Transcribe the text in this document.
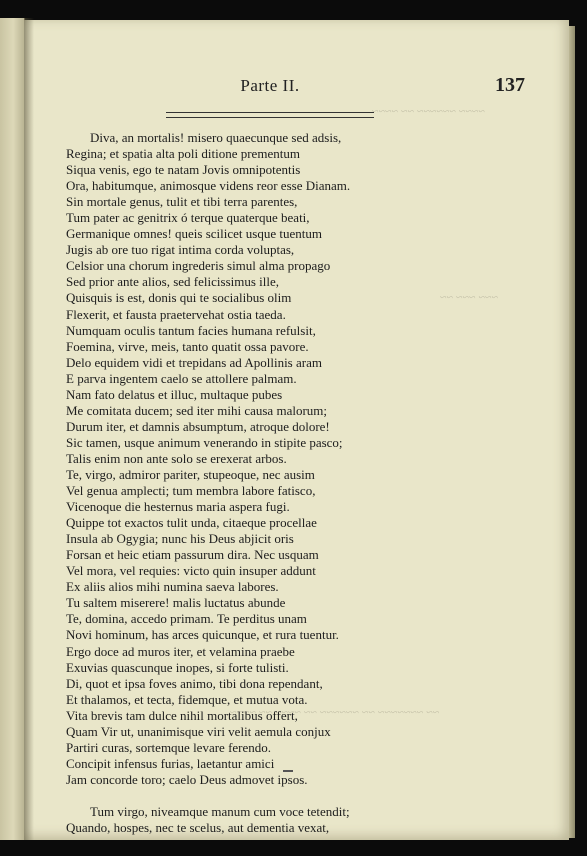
~~~~ ~~~~~~ ~~ ~~~~
~~~ ~~~ ~~
~~ ~~~~~~~ ~~ ~~~~~~ ~~ ~~~~ ~~ ~~~~
Parte II.	137
Diva, an mortalis! misero quaecunque sed adsis,
Regina; et spatia alta poli ditione prementum
Siqua venis, ego te natam Jovis omnipotentis
Ora, habitumque, animosque videns reor esse Dianam.
Sin mortale genus, tulit et tibi terra parentes,
Tum pater ac genitrix ó terque quaterque beati,
Germanique omnes! queis scilicet usque tuentum
Jugis ab ore tuo rigat intima corda voluptas,
Celsior una chorum ingrederis simul alma propago
Sed prior ante alios, sed felicissimus ille,
Quisquis is est, donis qui te socialibus olim
Flexerit, et fausta praetervehat ostia taeda.
Numquam oculis tantum facies humana refulsit,
Foemina, virve, meis, tanto quatit ossa pavore.
Delo equidem vidi et trepidans ad Apollinis aram
E parva ingentem caelo se attollere palmam.
Nam fato delatus et illuc, multaque pubes
Me comitata ducem; sed iter mihi causa malorum;
Durum iter, et damnis absumptum, atroque dolore!
Sic tamen, usque animum venerando in stipite pasco;
Talis enim non ante solo se erexerat arbos.
Te, virgo, admiror pariter, stupeoque, nec ausim
Vel genua amplecti; tum membra labore fatisco,
Vicenoque die hesternus maria aspera fugi.
Quippe tot exactos tulit unda, citaeque procellae
Insula ab Ogygia; nunc his Deus abjicit oris
Forsan et heic etiam passurum dira. Nec usquam
Vel mora, vel requies: victo quin insuper addunt
Ex aliis alios mihi numina saeva labores.
Tu saltem miserere! malis luctatus abunde
Te, domina, accedo primam. Te perditus unam
Novi hominum, has arces quicunque, et rura tuentur.
Ergo doce ad muros iter, et velamina praebe
Exuvias quascunque inopes, si forte tulisti.
Di, quot et ipsa foves animo, tibi dona rependant,
Et thalamos, et tecta, fidemque, et mutua vota.
Vita brevis tam dulce nihil mortalibus offert,
Quam Vir ut, unanimisque viri velit aemula conjux
Partiri curas, sortemque levare ferendo.
Concipit infensus furias, laetantur amici
Jam concorde toro; caelo Deus admovet ipsos.
Tum virgo, niveamque manum cum voce tetendit;
Quando, hospes, nec te scelus, aut dementia vexat,
